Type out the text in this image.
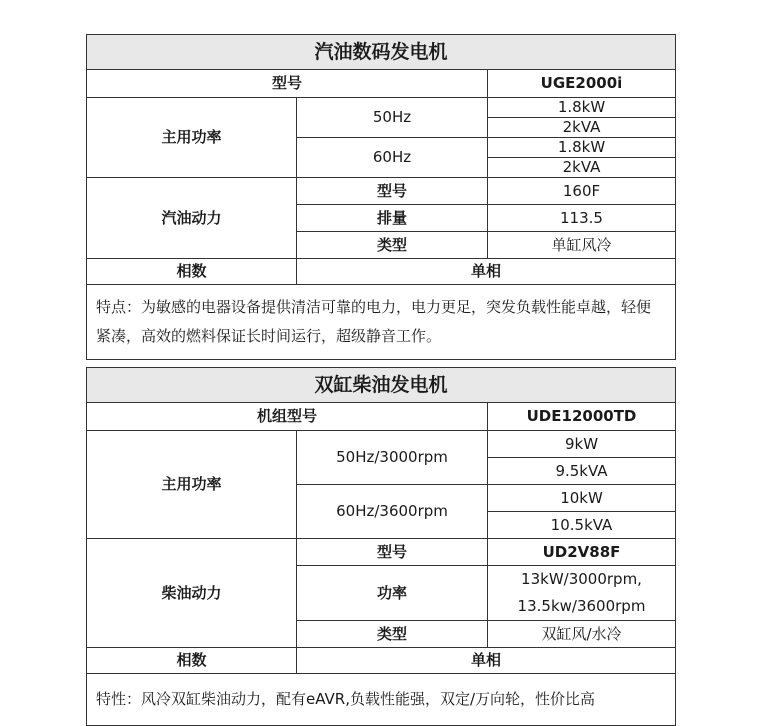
汽油数码发电机		
型号		UGE2000i
主用功率	50Hz	1.8kW
		2kVA
	60Hz	1.8kW
		2kVA
汽油动力	型号	160F
	排量	113.5
	类型	单缸风冷
相数	单相	

特点：为敏感的电器设备提供清洁可靠的电力，电力更足，突发负载性能卓越，轻便紧凑，高效的燃料保证长时间运行，超级静音工作。		
双缸柴油发电机		
机组型号		UDE12000TD
主用功率	50Hz/3000rpm	9kW
		9.5kVA
	60Hz/3600rpm	10kW
		10.5kVA
柴油动力	型号	UD2V88F
	功率	13kW/3000rpm,
13.5kw/3600rpm

	类型	双缸风/水冷
相数	单相	

特性：风冷双缸柴油动力，配有eAVR,负载性能强，双定/万向轮，性价比高		
